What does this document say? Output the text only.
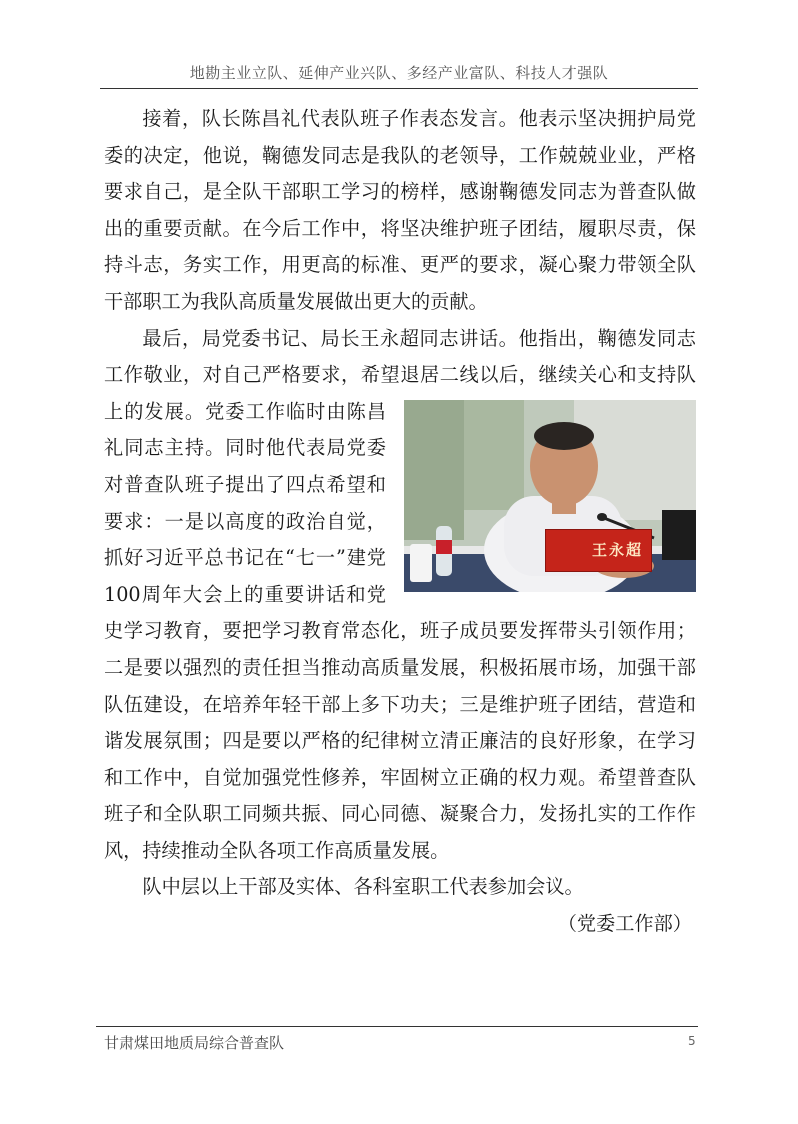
地勘主业立队、延伸产业兴队、多经产业富队、科技人才强队

接着，队长陈昌礼代表队班子作表态发言。他表示坚决拥护局党委的决定，他说，鞠德发同志是我队的老领导，工作兢兢业业，严格要求自己，是全队干部职工学习的榜样，感谢鞠德发同志为普查队做出的重要贡献。在今后工作中，将坚决维护班子团结，履职尽责，保持斗志，务实工作，用更高的标准、更严的要求，凝心聚力带领全队干部职工为我队高质量发展做出更大的贡献。

王永超
最后，局党委书记、局长王永超同志讲话。他指出，鞠德发同志工作敬业，对自己严格要求，希望退居二线以后，继续关心和支持队上的发展。党委工作临时由陈昌礼同志主持。同时他代表局党委对普查队班子提出了四点希望和要求：一是以高度的政治自觉，抓好习近平总书记在“七一”建党100周年大会上的重要讲话和党史学习教育，要把学习教育常态化，班子成员要发挥带头引领作用；二是要以强烈的责任担当推动高质量发展，积极拓展市场，加强干部队伍建设，在培养年轻干部上多下功夫；三是维护班子团结，营造和谐发展氛围；四是要以严格的纪律树立清正廉洁的良好形象，在学习和工作中，自觉加强党性修养，牢固树立正确的权力观。希望普查队班子和全队职工同频共振、同心同德、凝聚合力，发扬扎实的工作作风，持续推动全队各项工作高质量发展。

队中层以上干部及实体、各科室职工代表参加会议。

（党委工作部）

甘肃煤田地质局综合普查队	5
